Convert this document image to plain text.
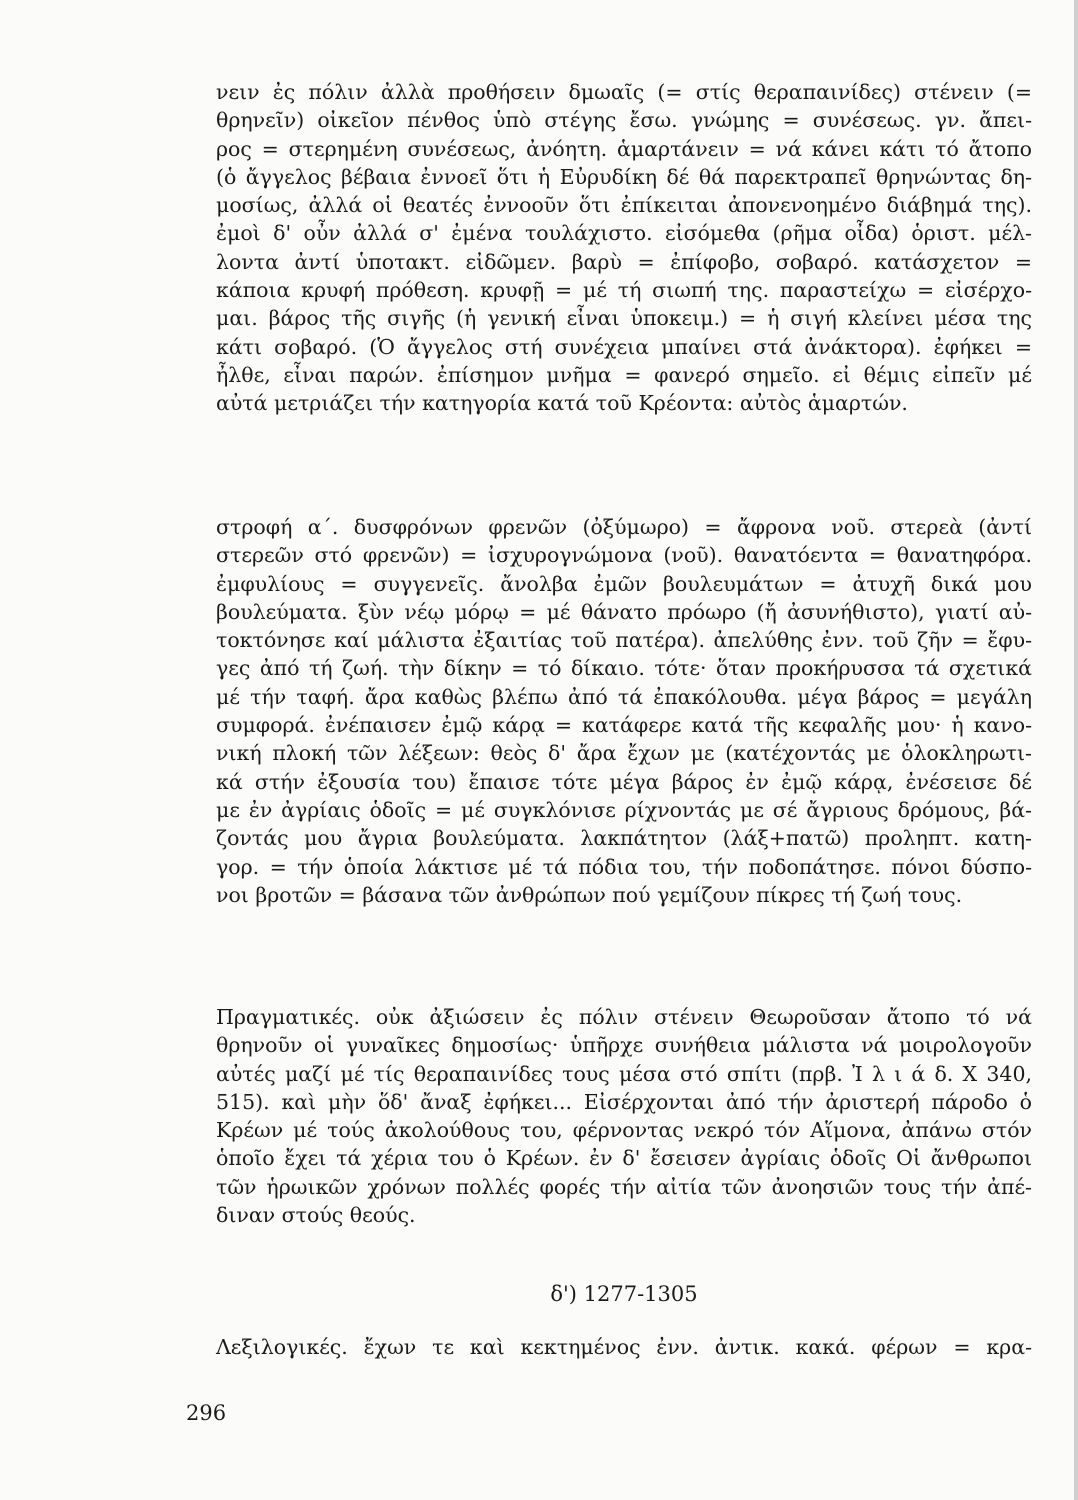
νειν ἐς πόλιν ἀλλὰ προθήσειν δμωαῖς (= στίς θεραπαινίδες) στένειν (=
θρηνεῖν) οἰκεῖον πένθος ὑπὸ στέγης ἔσω. γνώμης = συνέσεως. γν. ἄπει-
ρος = στερημένη συνέσεως, ἀνόητη. ἁμαρτάνειν = νά κάνει κάτι τό ἄτοπο
(ὁ ἄγγελος βέβαια ἐννοεῖ ὅτι ἡ Εὐρυδίκη δέ θά παρεκτραπεῖ θρηνώντας δη-
μοσίως, ἀλλά οἱ θεατές ἐννοοῦν ὅτι ἐπίκειται ἀπονενοημένο διάβημά της).
ἐμοὶ δ' οὖν ἀλλά σ' ἐμένα τουλάχιστο. εἰσόμεθα (ρῆμα οἶδα) ὁριστ. μέλ-
λοντα ἀντί ὑποτακτ. εἰδῶμεν. βαρὺ = ἐπίφοβο, σοβαρό. κατάσχετον =
κάποια κρυφή πρόθεση. κρυφῇ = μέ τή σιωπή της. παραστείχω = εἰσέρχο-
μαι. βάρος τῆς σιγῆς (ἡ γενική εἶναι ὑποκειμ.) = ἡ σιγή κλείνει μέσα της
κάτι σοβαρό. (Ὁ ἄγγελος στή συνέχεια μπαίνει στά ἀνάκτορα). ἐφήκει =
ἦλθε, εἶναι παρών. ἐπίσημον μνῆμα = φανερό σημεῖο. εἰ θέμις εἰπεῖν μέ
αὐτά μετριάζει τήν κατηγορία κατά τοῦ Κρέοντα: αὐτὸς ἁμαρτών.
στροφή α΄. δυσφρόνων φρενῶν (ὀξύμωρο) = ἄφρονα νοῦ. στερεὰ (ἀντί
στερεῶν στό φρενῶν) = ἰσχυρογνώμονα (νοῦ). θανατόεντα = θανατηφόρα.
ἐμφυλίους = συγγενεῖς. ἄνολβα ἐμῶν βουλευμάτων = ἀτυχῆ δικά μου
βουλεύματα. ξὺν νέῳ μόρῳ = μέ θάνατο πρόωρο (ἤ ἀσυνήθιστο), γιατί αὐ-
τοκτόνησε καί μάλιστα ἐξαιτίας τοῦ πατέρα). ἀπελύθης ἐνν. τοῦ ζῆν = ἔφυ-
γες ἀπό τή ζωή. τὴν δίκην = τό δίκαιο. τότε· ὅταν προκήρυσσα τά σχετικά
μέ τήν ταφή. ἄρα καθὼς βλέπω ἀπό τά ἐπακόλουθα. μέγα βάρος = μεγάλη
συμφορά. ἐνέπαισεν ἐμῷ κάρᾳ = κατάφερε κατά τῆς κεφαλῆς μου· ἡ κανο-
νική πλοκή τῶν λέξεων: θεὸς δ' ἄρα ἔχων με (κατέχοντάς με ὁλοκληρωτι-
κά στήν ἐξουσία του) ἔπαισε τότε μέγα βάρος ἐν ἐμῷ κάρᾳ, ἐνέσεισε δέ
με ἐν ἀγρίαις ὁδοῖς = μέ συγκλόνισε ρίχνοντάς με σέ ἄγριους δρόμους, βά-
ζοντάς μου ἄγρια βουλεύματα. λακπάτητον (λάξ+πατῶ) προληπτ. κατη-
γορ. = τήν ὁποία λάκτισε μέ τά πόδια του, τήν ποδοπάτησε. πόνοι δύσπο-
νοι βροτῶν = βάσανα τῶν ἀνθρώπων πού γεμίζουν πίκρες τή ζωή τους.
Πραγματικές. οὐκ ἀξιώσειν ἐς πόλιν στένειν Θεωροῦσαν ἄτοπο τό νά
θρηνοῦν οἱ γυναῖκες δημοσίως· ὑπῆρχε συνήθεια μάλιστα νά μοιρολογοῦν
αὐτές μαζί μέ τίς θεραπαινίδες τους μέσα στό σπίτι (πρβ. Ἰ λ ι ά δ. Χ 340,
515). καὶ μὴν ὅδ' ἄναξ ἐφήκει... Εἰσέρχονται ἀπό τήν ἀριστερή πάροδο ὁ
Κρέων μέ τούς ἀκολούθους του, φέρνοντας νεκρό τόν Αἵμονα, ἀπάνω στόν
ὁποῖο ἔχει τά χέρια του ὁ Κρέων. ἐν δ' ἔσεισεν ἀγρίαις ὁδοῖς Οἱ ἄνθρωποι
τῶν ἡρωικῶν χρόνων πολλές φορές τήν αἰτία τῶν ἀνοησιῶν τους τήν ἀπέ-
διναν στούς θεούς.
δ') 1277-1305
Λεξιλογικές. ἔχων τε καὶ κεκτημένος ἐνν. ἀντικ. κακά. φέρων = κρα-
296
